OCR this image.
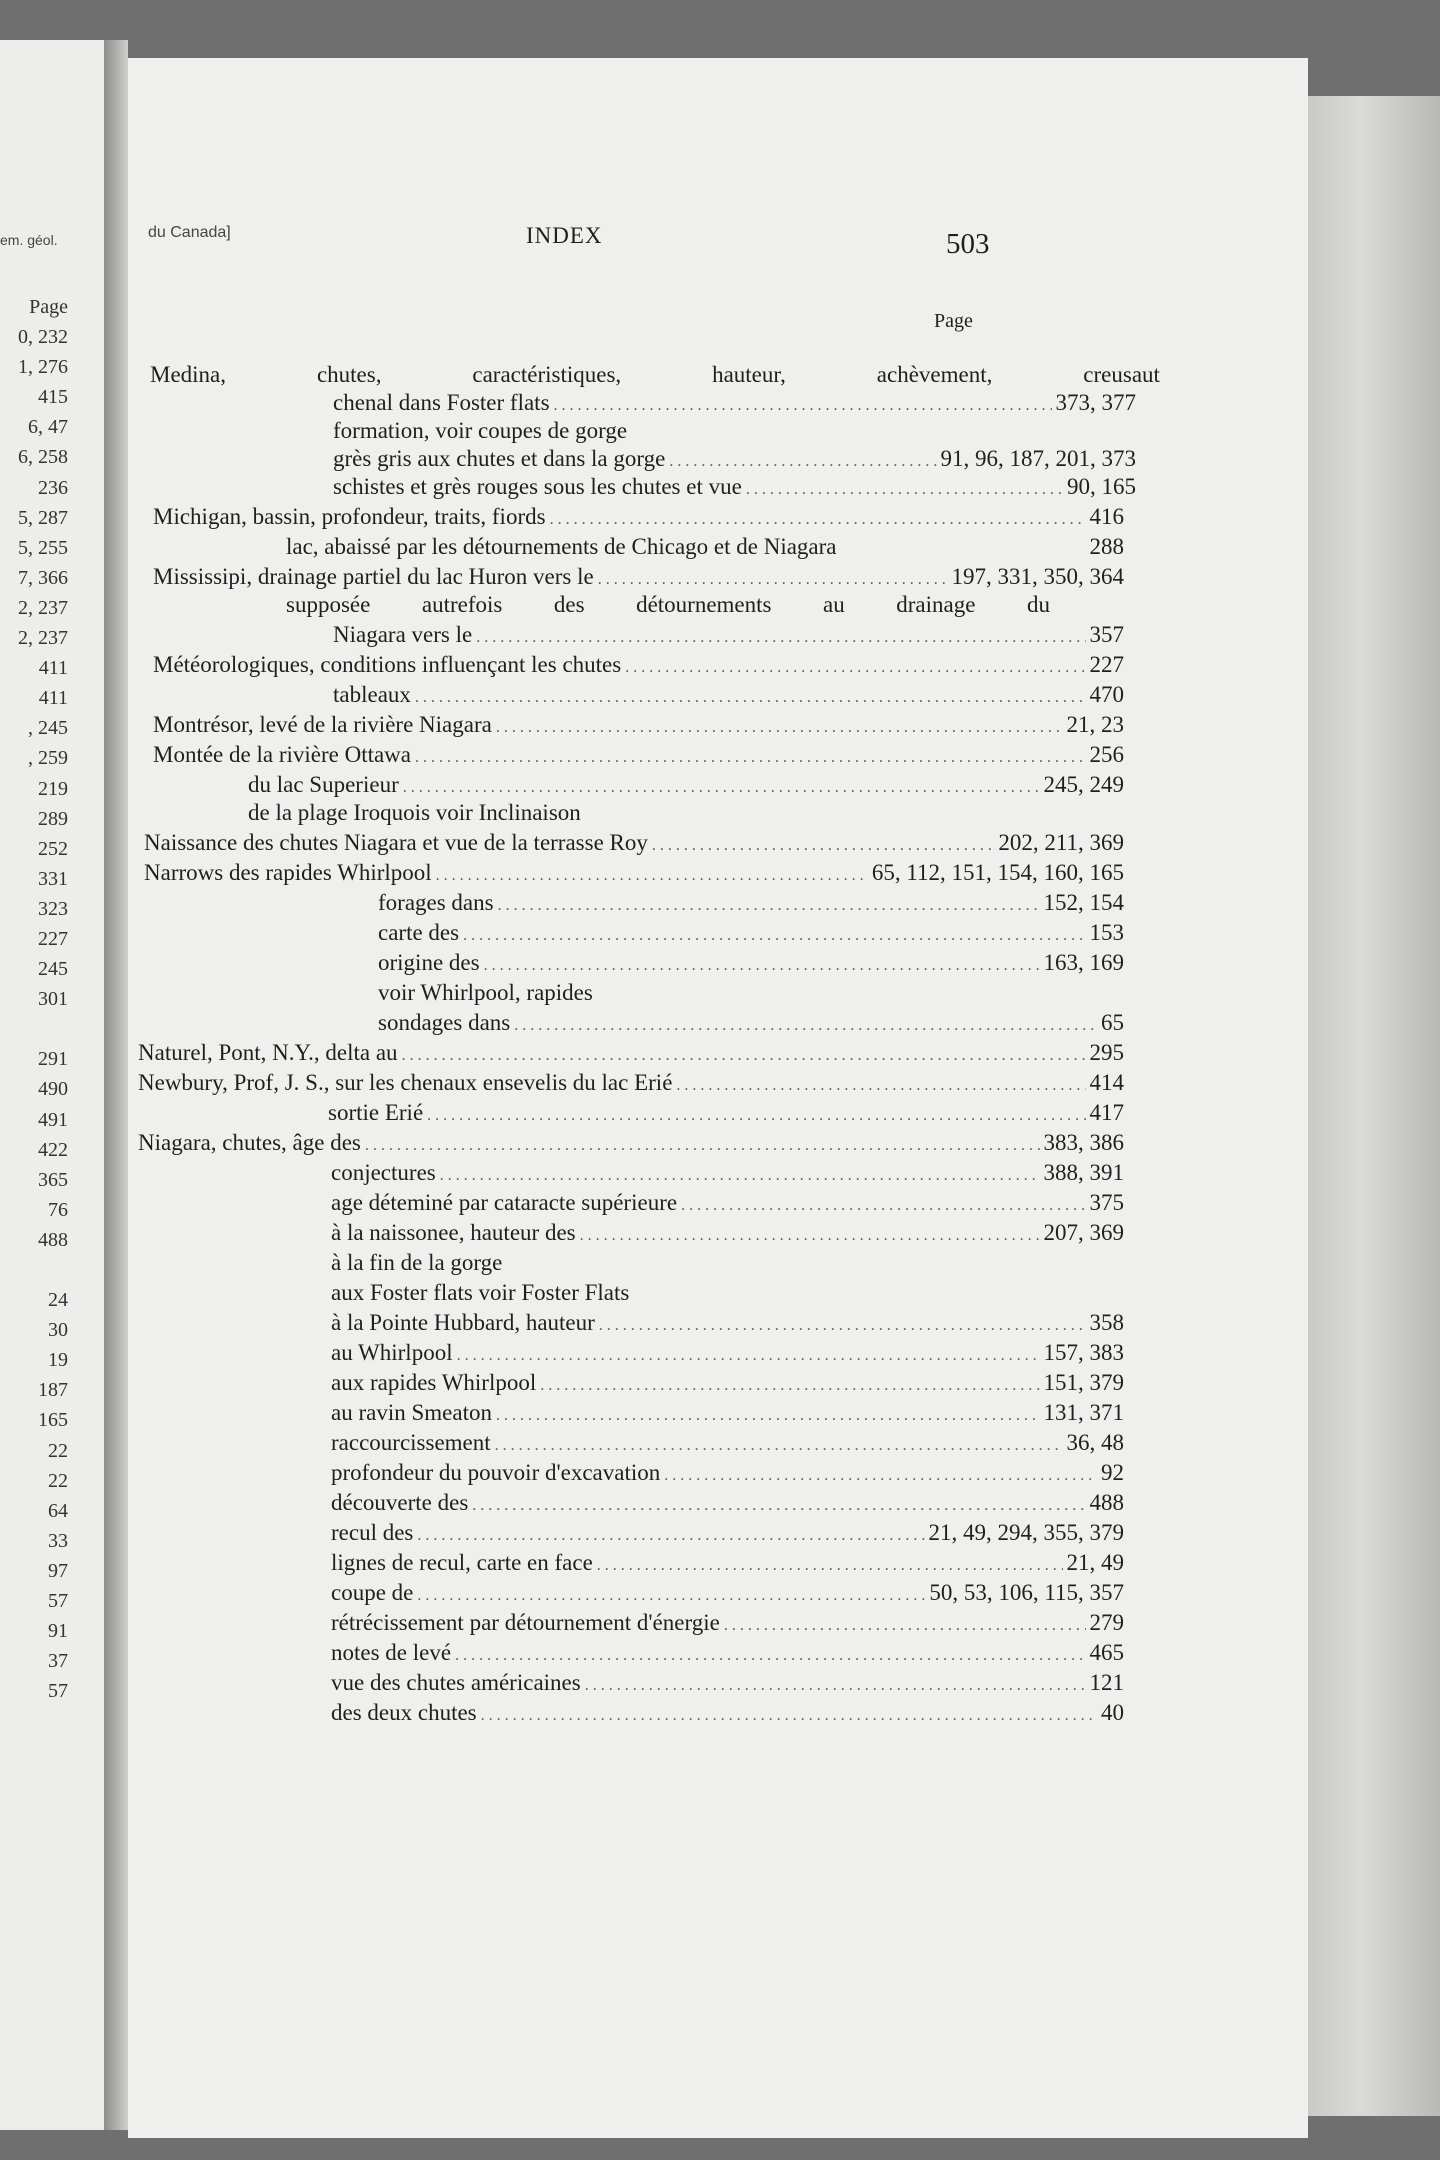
em. géol.
Page
0, 232
1, 276
415
6, 47
6, 258
236
5, 287
5, 255
7, 366
2, 237
2, 237
411
411
, 245
, 259
219
289
252
331
323
227
245
301

291
490
491
422
365
76
488

24
30
19
187
165
22
22
64
33
97
57
91
37
57
du Canada]	INDEX	503
Page
Medina,	chutes,	caractéristiques,	hauteur,	achèvement,	creusaut
chenal dans Foster flats . . .	373, 377
formation, voir coupes de gorge
grès gris aux chutes et dans la gorge . . .	91, 96, 187, 201, 373
schistes et grès rouges sous les chutes et vue . . .	90, 165
Michigan, bassin, profondeur, traits, fiords . . .	416
lac, abaissé par les détournements de Chicago et de Niagara	288
Mississipi, drainage partiel du lac Huron vers le . . .	197, 331, 350, 364
supposée autrefois des détournements au drainage du
Niagara vers le . . .	357
Météorologiques, conditions influençant les chutes . . .	227
tableaux . . .	470
Montrésor, levé de la rivière Niagara . . .	21, 23
Montée de la rivière Ottawa . . .	256
du lac Superieur . . .	245, 249
de la plage Iroquois voir Inclinaison
Naissance des chutes Niagara et vue de la terrasse Roy . . .	202, 211, 369
Narrows des rapides Whirlpool . . .	65, 112, 151, 154, 160, 165
forages dans . . .	152, 154
carte des . . .	153
origine des . . .	163, 169
voir Whirlpool, rapides
sondages dans . . .	65
Naturel, Pont, N.Y., delta au . . .	295
Newbury, Prof, J. S., sur les chenaux ensevelis du lac Erié . . .	414
sortie Erié . . .	417
Niagara, chutes, âge des . . .	383, 386
conjectures . . .	388, 391
age déteminé par cataracte supérieure . . .	375
à la naissonee, hauteur des . . .	207, 369
à la fin de la gorge
aux Foster flats voir Foster Flats
à la Pointe Hubbard, hauteur . . .	358
au Whirlpool . . .	157, 383
aux rapides Whirlpool . . .	151, 379
au ravin Smeaton . . .	131, 371
raccourcissement . . .	36, 48
profondeur du pouvoir d'excavation . . .	92
découverte des . . .	488
recul des . . .	21, 49, 294, 355, 379
lignes de recul, carte en face . . .	21, 49
coupe de . . .	50, 53, 106, 115, 357
rétrécissement par détournement d'énergie . . .	279
notes de levé . . .	465
vue des chutes américaines . . .	121
des deux chutes . . .	40
